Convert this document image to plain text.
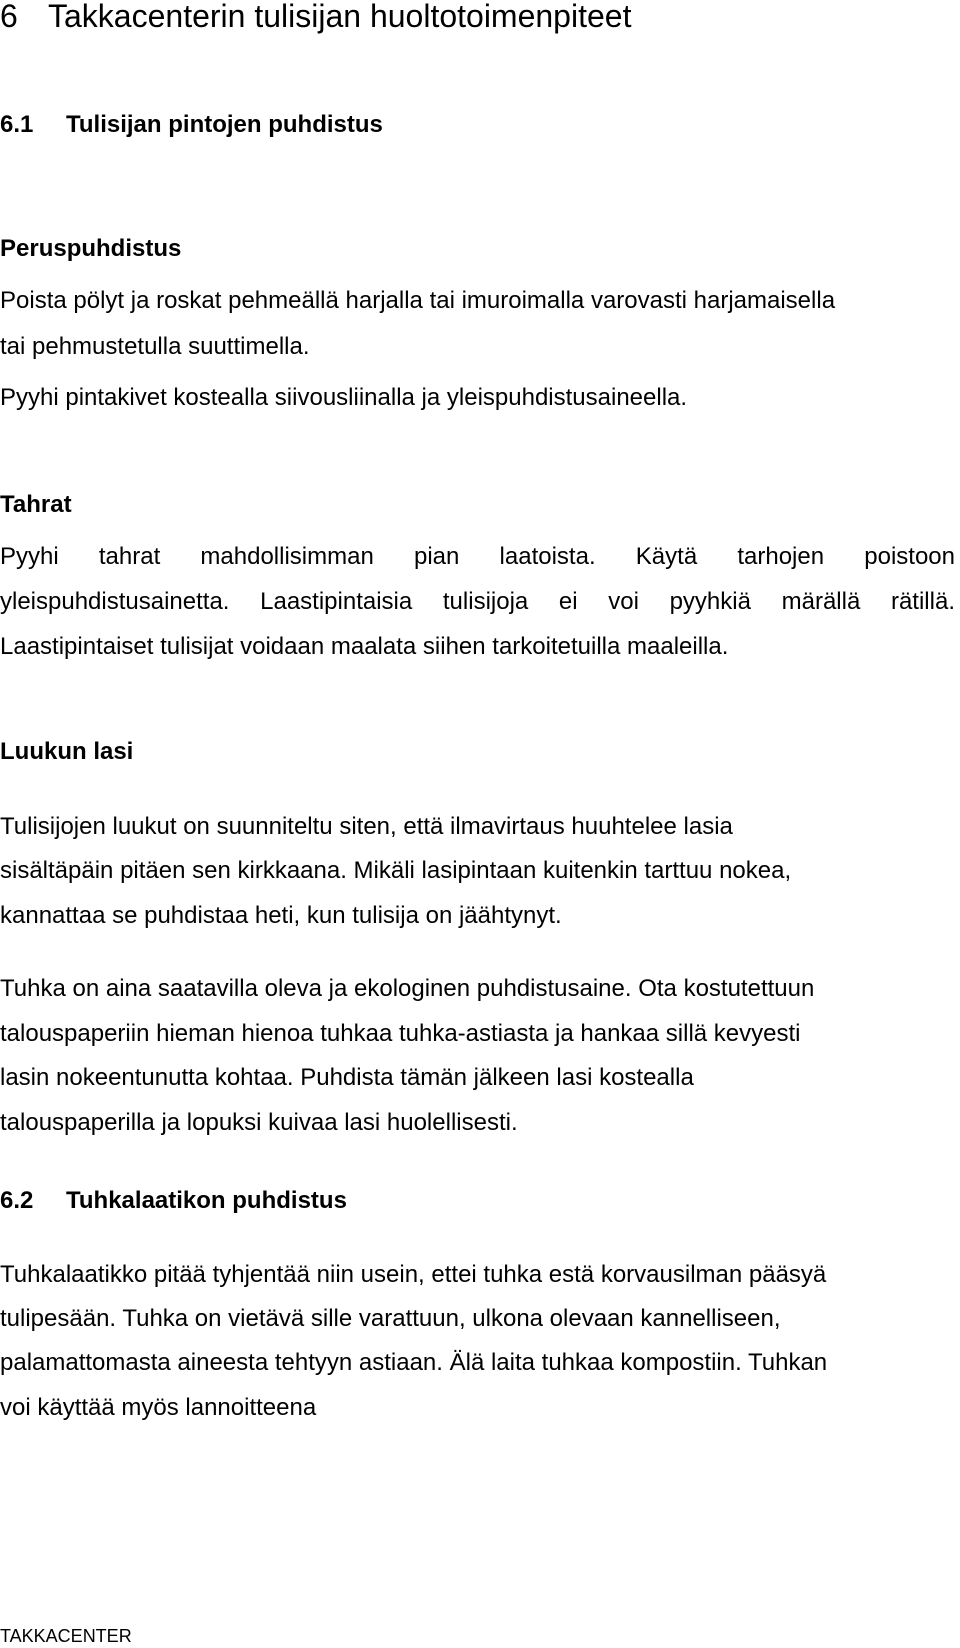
6 Takkacenterin tulisijan huoltotoimenpiteet
6.1 Tulisijan pintojen puhdistus
Peruspuhdistus
Poista pölyt ja roskat pehmeällä harjalla tai imuroimalla varovasti harjamaisella
tai pehmustetulla suuttimella.
Pyyhi pintakivet kostealla siivousliinalla ja yleispuhdistusaineella.
Tahrat
Pyyhi tahrat mahdollisimman pian laatoista. Käytä tarhojen poistoon
yleispuhdistusainetta. Laastipintaisia tulisijoja ei voi pyyhkiä märällä rätillä.
Laastipintaiset tulisijat voidaan maalata siihen tarkoitetuilla maaleilla.
Luukun lasi
Tulisijojen luukut on suunniteltu siten, että ilmavirtaus huuhtelee lasia
sisältäpäin pitäen sen kirkkaana. Mikäli lasipintaan kuitenkin tarttuu nokea,
kannattaa se puhdistaa heti, kun tulisija on jäähtynyt.
Tuhka on aina saatavilla oleva ja ekologinen puhdistusaine. Ota kostutettuun
talouspaperiin hieman hienoa tuhkaa tuhka-astiasta ja hankaa sillä kevyesti
lasin nokeentunutta kohtaa. Puhdista tämän jälkeen lasi kostealla
talouspaperilla ja lopuksi kuivaa lasi huolellisesti.
6.2 Tuhkalaatikon puhdistus
Tuhkalaatikko pitää tyhjentää niin usein, ettei tuhka estä korvausilman pääsyä
tulipesään. Tuhka on vietävä sille varattuun, ulkona olevaan kannelliseen,
palamattomasta aineesta tehtyyn astiaan. Älä laita tuhkaa kompostiin. Tuhkan
voi käyttää myös lannoitteena
TAKKACENTER
